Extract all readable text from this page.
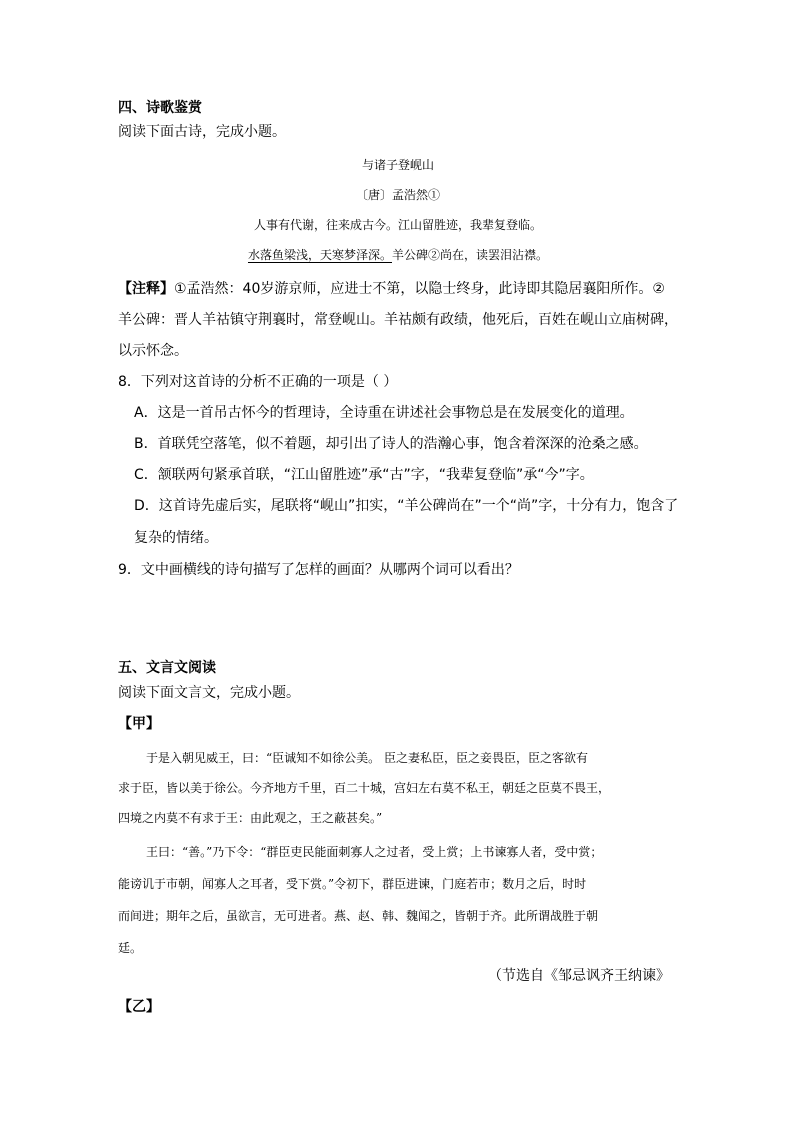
四、诗歌鉴赏
阅读下面古诗，完成小题。
与诸子登岘山
〔唐〕孟浩然①
人事有代谢，往来成古今。江山留胜迹，我辈复登临。
水落鱼梁浅，天寒梦泽深。羊公碑②尚在，读罢泪沾襟。
【注释】①孟浩然：40岁游京师，应进士不第，以隐士终身，此诗即其隐居襄阳所作。②
羊公碑：晋人羊祜镇守荆襄时，常登岘山。羊祜颇有政绩，他死后，百姓在岘山立庙树碑，
以示怀念。
8．下列对这首诗的分析不正确的一项是（ ）
A．这是一首吊古怀今的哲理诗，全诗重在讲述社会事物总是在发展变化的道理。
B．首联凭空落笔，似不着题，却引出了诗人的浩瀚心事，饱含着深深的沧桑之感。
C．颔联两句紧承首联，“江山留胜迹”承“古”字，“我辈复登临”承“今”字。
D．这首诗先虚后实，尾联将“岘山”扣实，“羊公碑尚在”一个“尚”字，十分有力，饱含了
复杂的情绪。
9．文中画横线的诗句描写了怎样的画面？从哪两个词可以看出？
五、文言文阅读
阅读下面文言文，完成小题。
【甲】
于是入朝见威王，曰：“臣诚知不如徐公美。 臣之妻私臣，臣之妾畏臣，臣之客欲有
求于臣，皆以美于徐公。今齐地方千里，百二十城，宫妇左右莫不私王，朝廷之臣莫不畏王，
四境之内莫不有求于王：由此观之，王之蔽甚矣。”
王曰：“善。”乃下令：“群臣吏民能面刺寡人之过者，受上赏；上书谏寡人者，受中赏；
能谤讥于市朝，闻寡人之耳者，受下赏。”令初下，群臣进谏，门庭若市；数月之后，时时
而间进；期年之后，虽欲言，无可进者。燕、赵、韩、魏闻之，皆朝于齐。此所谓战胜于朝
廷。
（节选自《邹忌讽齐王纳谏》
【乙】
